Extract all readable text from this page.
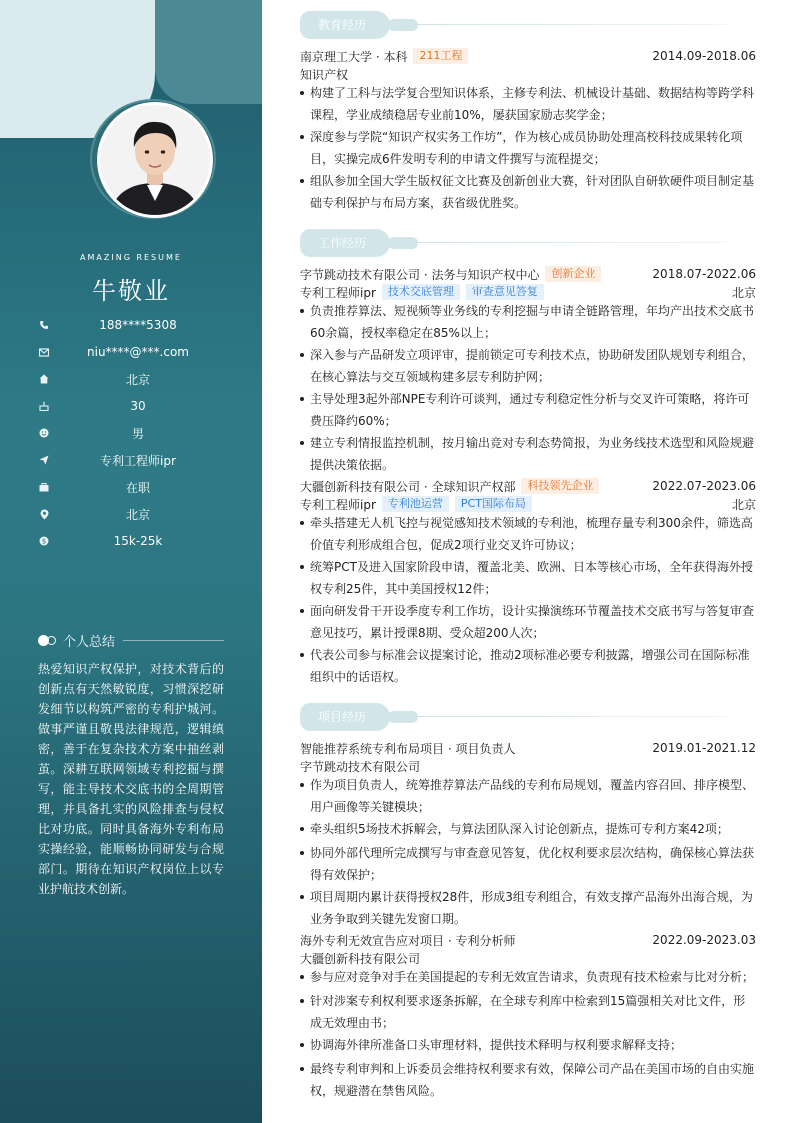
AMAZING RESUME
牛敬业
188****5308
niu****@***.com
北京
30
男
专利工程师ipr
在职
北京
$	15k-25k
个人总结
热爱知识产权保护，对技术背后的创新点有天然敏锐度，习惯深挖研发细节以构筑严密的专利护城河。做事严谨且敬畏法律规范，逻辑缜密，善于在复杂技术方案中抽丝剥茧。深耕互联网领域专利挖掘与撰写，能主导技术交底书的全周期管理，并具备扎实的风险排查与侵权比对功底。同时具备海外专利布局实操经验，能顺畅协同研发与合规部门。期待在知识产权岗位上以专业护航技术创新。
教育经历
南京理工大学 · 本科	211工程	2014.09-2018.06
知识产权
构建了工科与法学复合型知识体系，主修专利法、机械设计基础、数据结构等跨学科课程，学业成绩稳居专业前10%，屡获国家励志奖学金；
深度参与学院“知识产权实务工作坊”，作为核心成员协助处理高校科技成果转化项目，实操完成6件发明专利的申请文件撰写与流程提交；
组队参加全国大学生版权征文比赛及创新创业大赛，针对团队自研软硬件项目制定基础专利保护与布局方案，获省级优胜奖。
工作经历
字节跳动技术有限公司 · 法务与知识产权中心	创新企业	2018.07-2022.06
专利工程师ipr	技术交底管理	审查意见答复	北京
负责推荐算法、短视频等业务线的专利挖掘与申请全链路管理，年均产出技术交底书60余篇，授权率稳定在85%以上；
深入参与产品研发立项评审，提前锁定可专利技术点，协助研发团队规划专利组合，在核心算法与交互领域构建多层专利防护网；
主导处理3起外部NPE专利许可谈判，通过专利稳定性分析与交叉许可策略，将许可费压降约60%；
建立专利情报监控机制，按月输出竞对专利态势简报，为业务线技术选型和风险规避提供决策依据。
大疆创新科技有限公司 · 全球知识产权部	科技领先企业	2022.07-2023.06
专利工程师ipr	专利池运营	PCT国际布局	北京
牵头搭建无人机飞控与视觉感知技术领域的专利池，梳理存量专利300余件，筛选高价值专利形成组合包，促成2项行业交叉许可协议；
统筹PCT及进入国家阶段申请，覆盖北美、欧洲、日本等核心市场，全年获得海外授权专利25件，其中美国授权12件；
面向研发骨干开设季度专利工作坊，设计实操演练环节覆盖技术交底书写与答复审查意见技巧，累计授课8期、受众超200人次；
代表公司参与标准会议提案讨论，推动2项标准必要专利披露，增强公司在国际标准组织中的话语权。
项目经历
智能推荐系统专利布局项目 · 项目负责人	2019.01-2021.12
字节跳动技术有限公司
作为项目负责人，统筹推荐算法产品线的专利布局规划，覆盖内容召回、排序模型、用户画像等关键模块；
牵头组织5场技术拆解会，与算法团队深入讨论创新点，提炼可专利方案42项；
协同外部代理所完成撰写与审查意见答复，优化权利要求层次结构，确保核心算法获得有效保护；
项目周期内累计获得授权28件，形成3组专利组合，有效支撑产品海外出海合规，为业务争取到关键先发窗口期。
海外专利无效宣告应对项目 · 专利分析师	2022.09-2023.03
大疆创新科技有限公司
参与应对竞争对手在美国提起的专利无效宣告请求，负责现有技术检索与比对分析；
针对涉案专利权利要求逐条拆解，在全球专利库中检索到15篇强相关对比文件，形成无效理由书；
协调海外律所准备口头审理材料，提供技术释明与权利要求解释支持；
最终专利审判和上诉委员会维持权利要求有效，保障公司产品在美国市场的自由实施权，规避潜在禁售风险。
